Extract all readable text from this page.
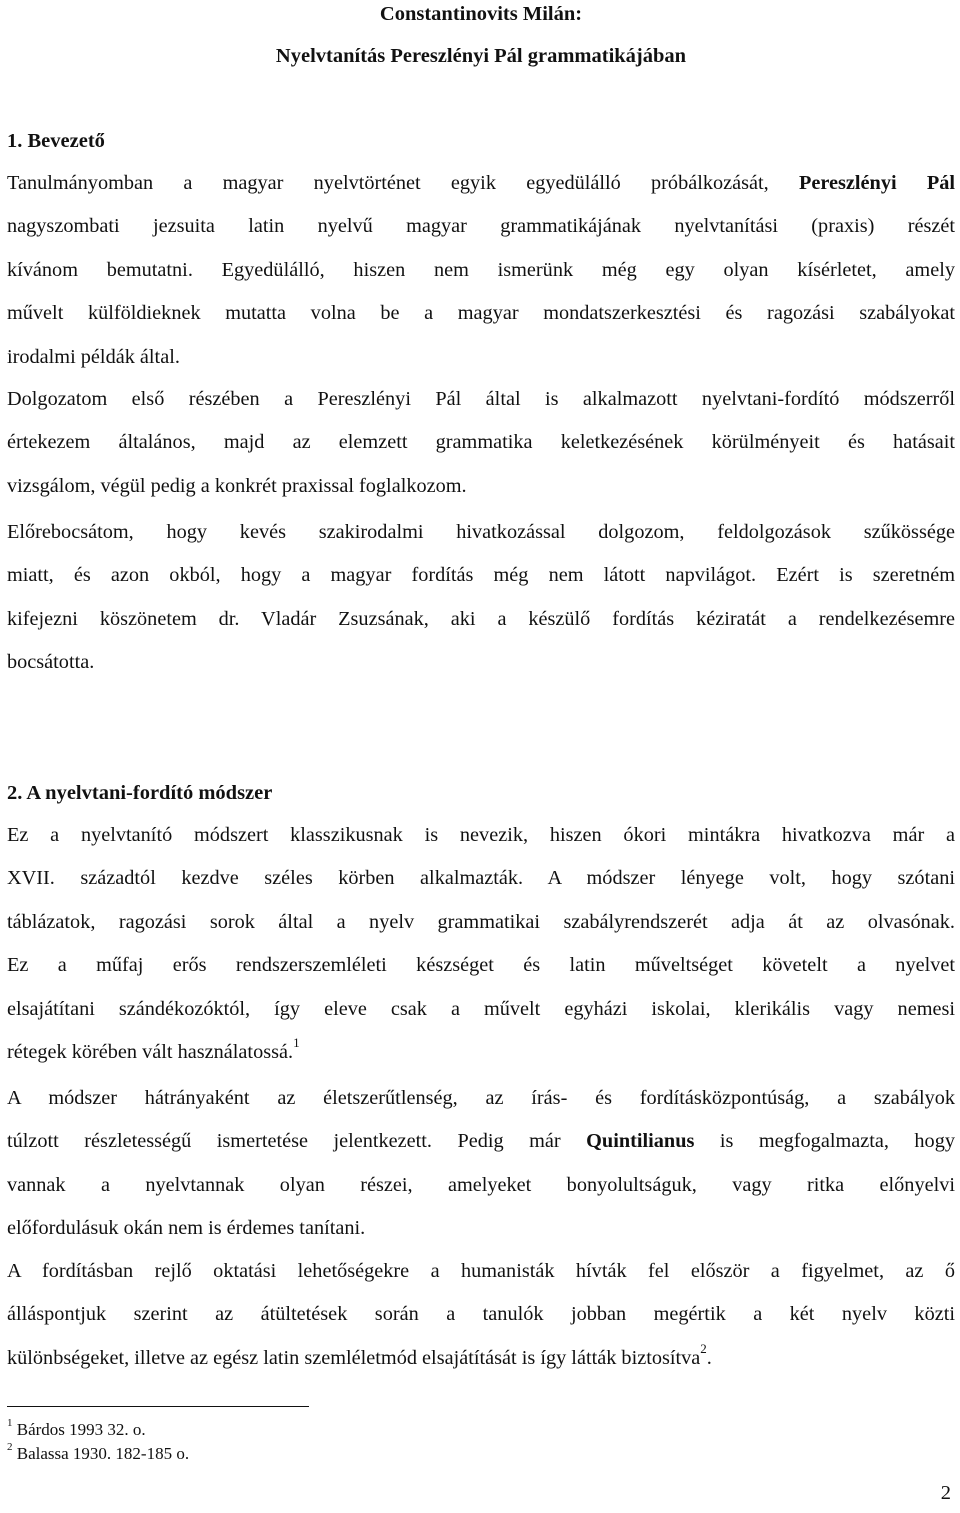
Constantinovits Milán:

Nyelvtanítás Pereszlényi Pál grammatikájában

1. Bevezető

Tanulmányomban a magyar nyelvtörténet egyik egyedülálló próbálkozását, Pereszlényi Pál
nagyszombati jezsuita latin nyelvű magyar grammatikájának nyelvtanítási (praxis) részét
kívánom bemutatni. Egyedülálló, hiszen nem ismerünk még egy olyan kísérletet, amely
művelt külföldieknek mutatta volna be a magyar mondatszerkesztési és ragozási szabályokat
irodalmi példák által.

Dolgozatom első részében a Pereszlényi Pál által is alkalmazott nyelvtani-fordító módszerről
értekezem általános, majd az elemzett grammatika keletkezésének körülményeit és hatásait
vizsgálom, végül pedig a konkrét praxissal foglalkozom.

Előrebocsátom, hogy kevés szakirodalmi hivatkozással dolgozom, feldolgozások szűkössége
miatt, és azon okból, hogy a magyar fordítás még nem látott napvilágot. Ezért is szeretném
kifejezni köszönetem dr. Vladár Zsuzsának, aki a készülő fordítás kéziratát a rendelkezésemre
bocsátotta.

2. A nyelvtani-fordító módszer

Ez a nyelvtanító módszert klasszikusnak is nevezik, hiszen ókori mintákra hivatkozva már a
XVII. századtól kezdve széles körben alkalmazták. A módszer lényege volt, hogy szótani
táblázatok, ragozási sorok által a nyelv grammatikai szabályrendszerét adja át az olvasónak.
Ez a műfaj erős rendszerszemléleti készséget és latin műveltséget követelt a nyelvet
elsajátítani szándékozóktól, így eleve csak a művelt egyházi iskolai, klerikális vagy nemesi
rétegek körében vált használatossá.$^1$

A módszer hátrányaként az életszerűtlenség, az írás- és fordításközpontúság, a szabályok
túlzott részletességű ismertetése jelentkezett. Pedig már Quintilianus is megfogalmazta, hogy
vannak a nyelvtannak olyan részei, amelyeket bonyolultságuk, vagy ritka előnyelvi
előfordulásuk okán nem is érdemes tanítani.

A fordításban rejlő oktatási lehetőségekre a humanisták hívták fel először a figyelmet, az ő
álláspontjuk szerint az átültetések során a tanulók jobban megértik a két nyelv közti
különbségeket, illetve az egész latin szemléletmód elsajátítását is így látták biztosítva$^2$.

$^1$ Bárdos 1993 32. o.

$^2$ Balassa 1930. 182-185 o.

2
